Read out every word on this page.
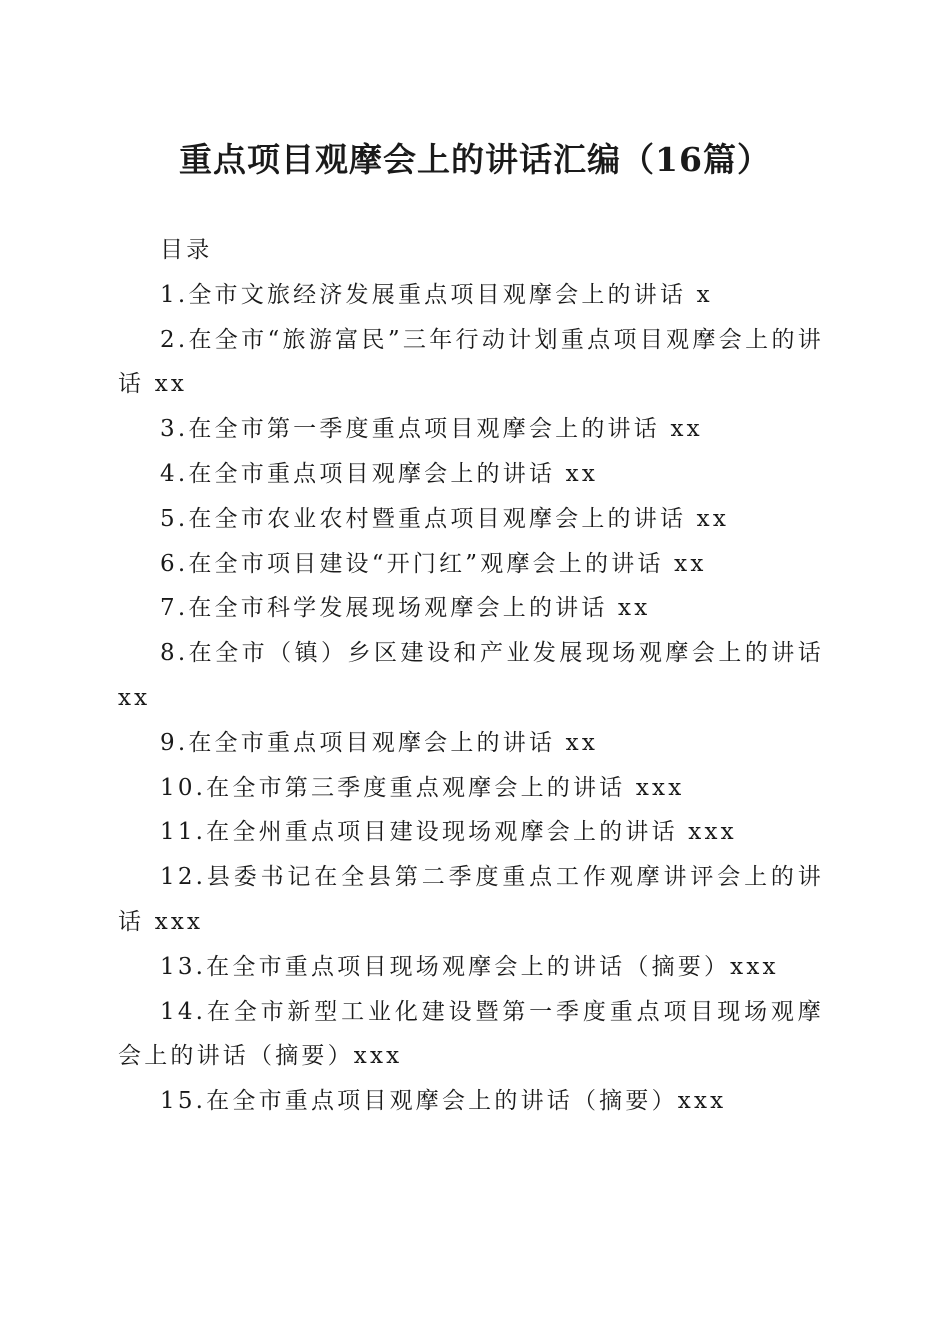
重点项目观摩会上的讲话汇编（16篇）

目录

1.全市文旅经济发展重点项目观摩会上的讲话 x
2.在全市“旅游富民”三年行动计划重点项目观摩会上的讲话 xx
3.在全市第一季度重点项目观摩会上的讲话 xx
4.在全市重点项目观摩会上的讲话 xx
5.在全市农业农村暨重点项目观摩会上的讲话 xx
6.在全市项目建设“开门红”观摩会上的讲话 xx
7.在全市科学发展现场观摩会上的讲话 xx
8.在全市（镇）乡区建设和产业发展现场观摩会上的讲话 xx
9.在全市重点项目观摩会上的讲话 xx
10.在全市第三季度重点观摩会上的讲话 xxx
11.在全州重点项目建设现场观摩会上的讲话 xxx
12.县委书记在全县第二季度重点工作观摩讲评会上的讲话 xxx
13.在全市重点项目现场观摩会上的讲话（摘要）xxx
14.在全市新型工业化建设暨第一季度重点项目现场观摩会上的讲话（摘要）xxx
15.在全市重点项目观摩会上的讲话（摘要）xxx
